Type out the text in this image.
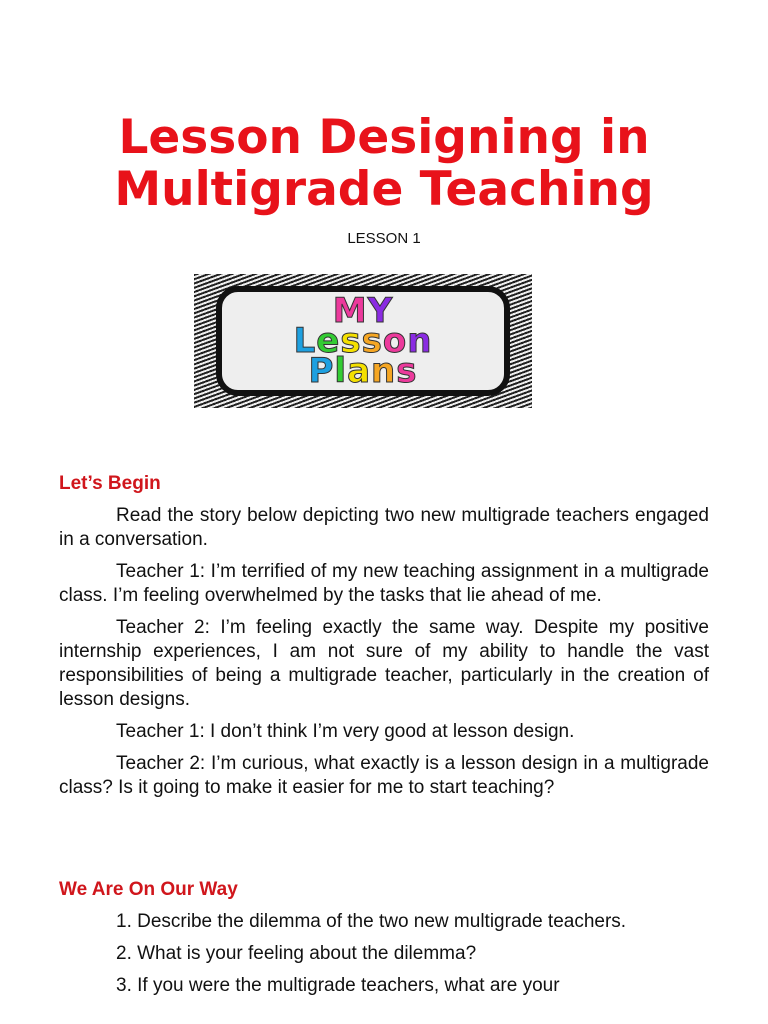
Lesson Designing in
Multigrade Teaching
LESSON 1
MY
Lesson
Plans
Let’s Begin

Read the story below depicting two new multigrade teachers engaged in a conversation.

Teacher 1: I’m terrified of my new teaching assignment in a multigrade class. I’m feeling overwhelmed by the tasks that lie ahead of me.

Teacher 2: I’m feeling exactly the same way. Despite my positive internship experiences, I am not sure of my ability to handle the vast responsibilities of being a multigrade teacher, particularly in the creation of lesson designs.

Teacher 1: I don’t think I’m very good at lesson design.

Teacher 2: I’m curious, what exactly is a lesson design in a multigrade class? Is it going to make it easier for me to start teaching?

We Are On Our Way
1. Describe the dilemma of the two new multigrade teachers.
2. What is your feeling about the dilemma?
3. If you were the multigrade teachers, what are your
